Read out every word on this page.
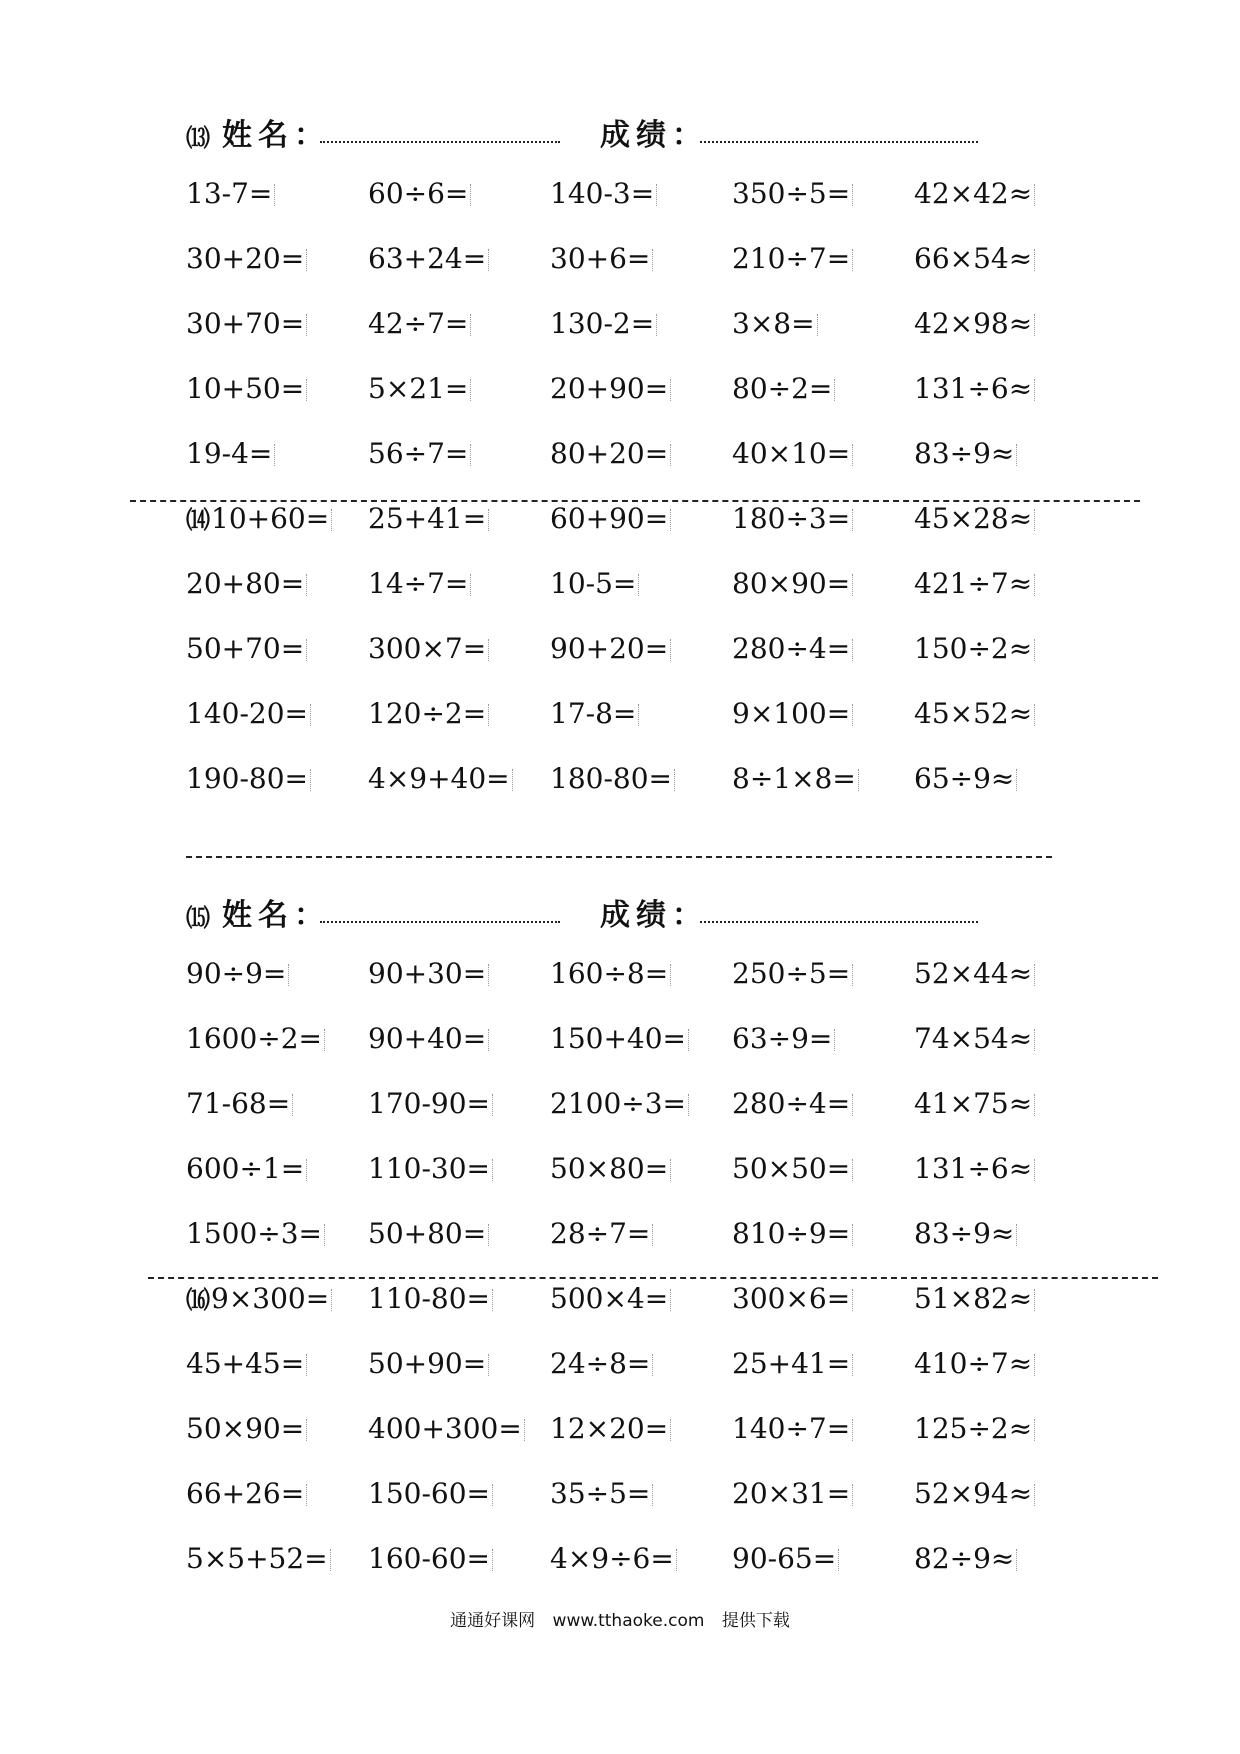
⒀ 姓名：	成绩：
13-7=	60÷6=	140-3=	350÷5= 42×42≈
30+20= 63+24= 30+6=	210÷7= 66×54≈
30+70= 42÷7=	130-2=	3×8=	42×98≈
10+50= 5×21=	20+90= 80÷2=	131÷6≈
19-4=	56÷7=	80+20= 40×10= 83÷9≈
⒁10+60= 25+41= 60+90= 180÷3= 45×28≈
20+80= 14÷7=	10-5=	80×90= 421÷7≈
50+70= 300×7= 90+20= 280÷4= 150÷2≈
140-20= 120÷2= 17-8=	9×100= 45×52≈
190-80= 4×9+40= 180-80= 8÷1×8= 65÷9≈
⒂ 姓名：	成绩：
90÷9=	90+30= 160÷8= 250÷5= 52×44≈
1600÷2= 90+40= 150+40= 63÷9=	74×54≈
71-68=	170-90= 2100÷3= 280÷4= 41×75≈
600÷1= 110-30= 50×80= 50×50= 131÷6≈
1500÷3= 50+80= 28÷7=	810÷9= 83÷9≈
⒃9×300= 110-80= 500×4= 300×6= 51×82≈
45+45= 50+90= 24÷8=	25+41= 410÷7≈
50×90= 400+300= 12×20= 140÷7= 125÷2≈
66+26= 150-60= 35÷5=	20×31= 52×94≈
5×5+52= 160-60= 4×9÷6= 90-65=	82÷9≈
通通好课网 www.tthaoke.com 提供下载
